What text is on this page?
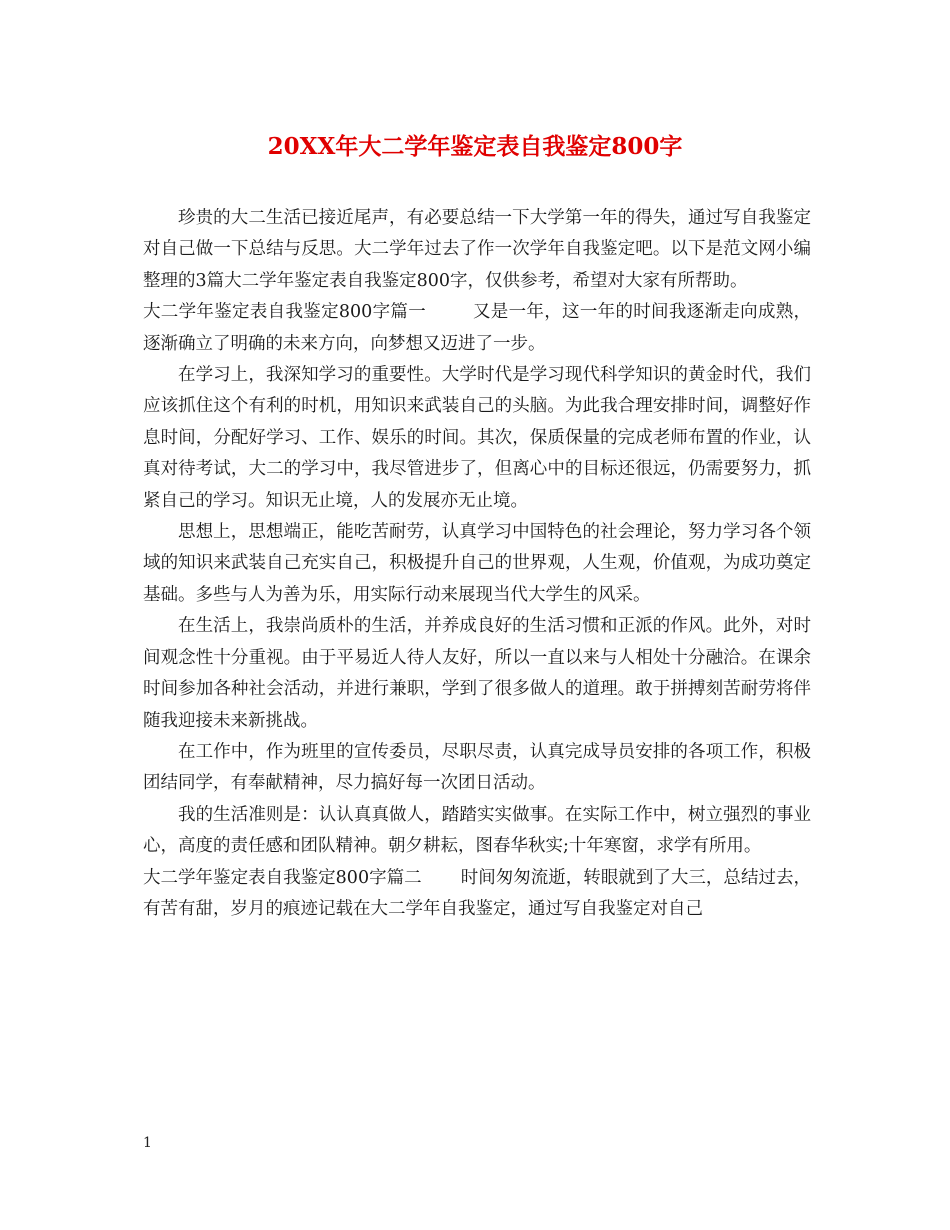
20XX年大二学年鉴定表自我鉴定800字

珍贵的大二生活已接近尾声，有必要总结一下大学第一年的得失，通过写自我鉴定对自己做一下总结与反思。大二学年过去了作一次学年自我鉴定吧。以下是范文网小编整理的3篇大二学年鉴定表自我鉴定800字，仅供参考，希望对大家有所帮助。

大二学年鉴定表自我鉴定800字篇一	又是一年，这一年的时间我逐渐走向成熟，逐渐确立了明确的未来方向，向梦想又迈进了一步。

在学习上，我深知学习的重要性。大学时代是学习现代科学知识的黄金时代，我们应该抓住这个有利的时机，用知识来武装自己的头脑。为此我合理安排时间，调整好作息时间，分配好学习、工作、娱乐的时间。其次，保质保量的完成老师布置的作业，认真对待考试，大二的学习中，我尽管进步了，但离心中的目标还很远，仍需要努力，抓紧自己的学习。知识无止境，人的发展亦无止境。

思想上，思想端正，能吃苦耐劳，认真学习中国特色的社会理论，努力学习各个领域的知识来武装自己充实自己，积极提升自己的世界观，人生观，价值观，为成功奠定基础。多些与人为善为乐，用实际行动来展现当代大学生的风采。

在生活上，我崇尚质朴的生活，并养成良好的生活习惯和正派的作风。此外，对时间观念性十分重视。由于平易近人待人友好，所以一直以来与人相处十分融洽。在课余时间参加各种社会活动，并进行兼职，学到了很多做人的道理。敢于拼搏刻苦耐劳将伴随我迎接未来新挑战。

在工作中，作为班里的宣传委员，尽职尽责，认真完成导员安排的各项工作，积极团结同学，有奉献精神，尽力搞好每一次团日活动。

我的生活准则是：认认真真做人，踏踏实实做事。在实际工作中，树立强烈的事业心，高度的责任感和团队精神。朝夕耕耘，图春华秋实;十年寒窗，求学有所用。

大二学年鉴定表自我鉴定800字篇二 时间匆匆流逝，转眼就到了大三，总结过去，有苦有甜，岁月的痕迹记载在大二学年自我鉴定，通过写自我鉴定对自己

1
